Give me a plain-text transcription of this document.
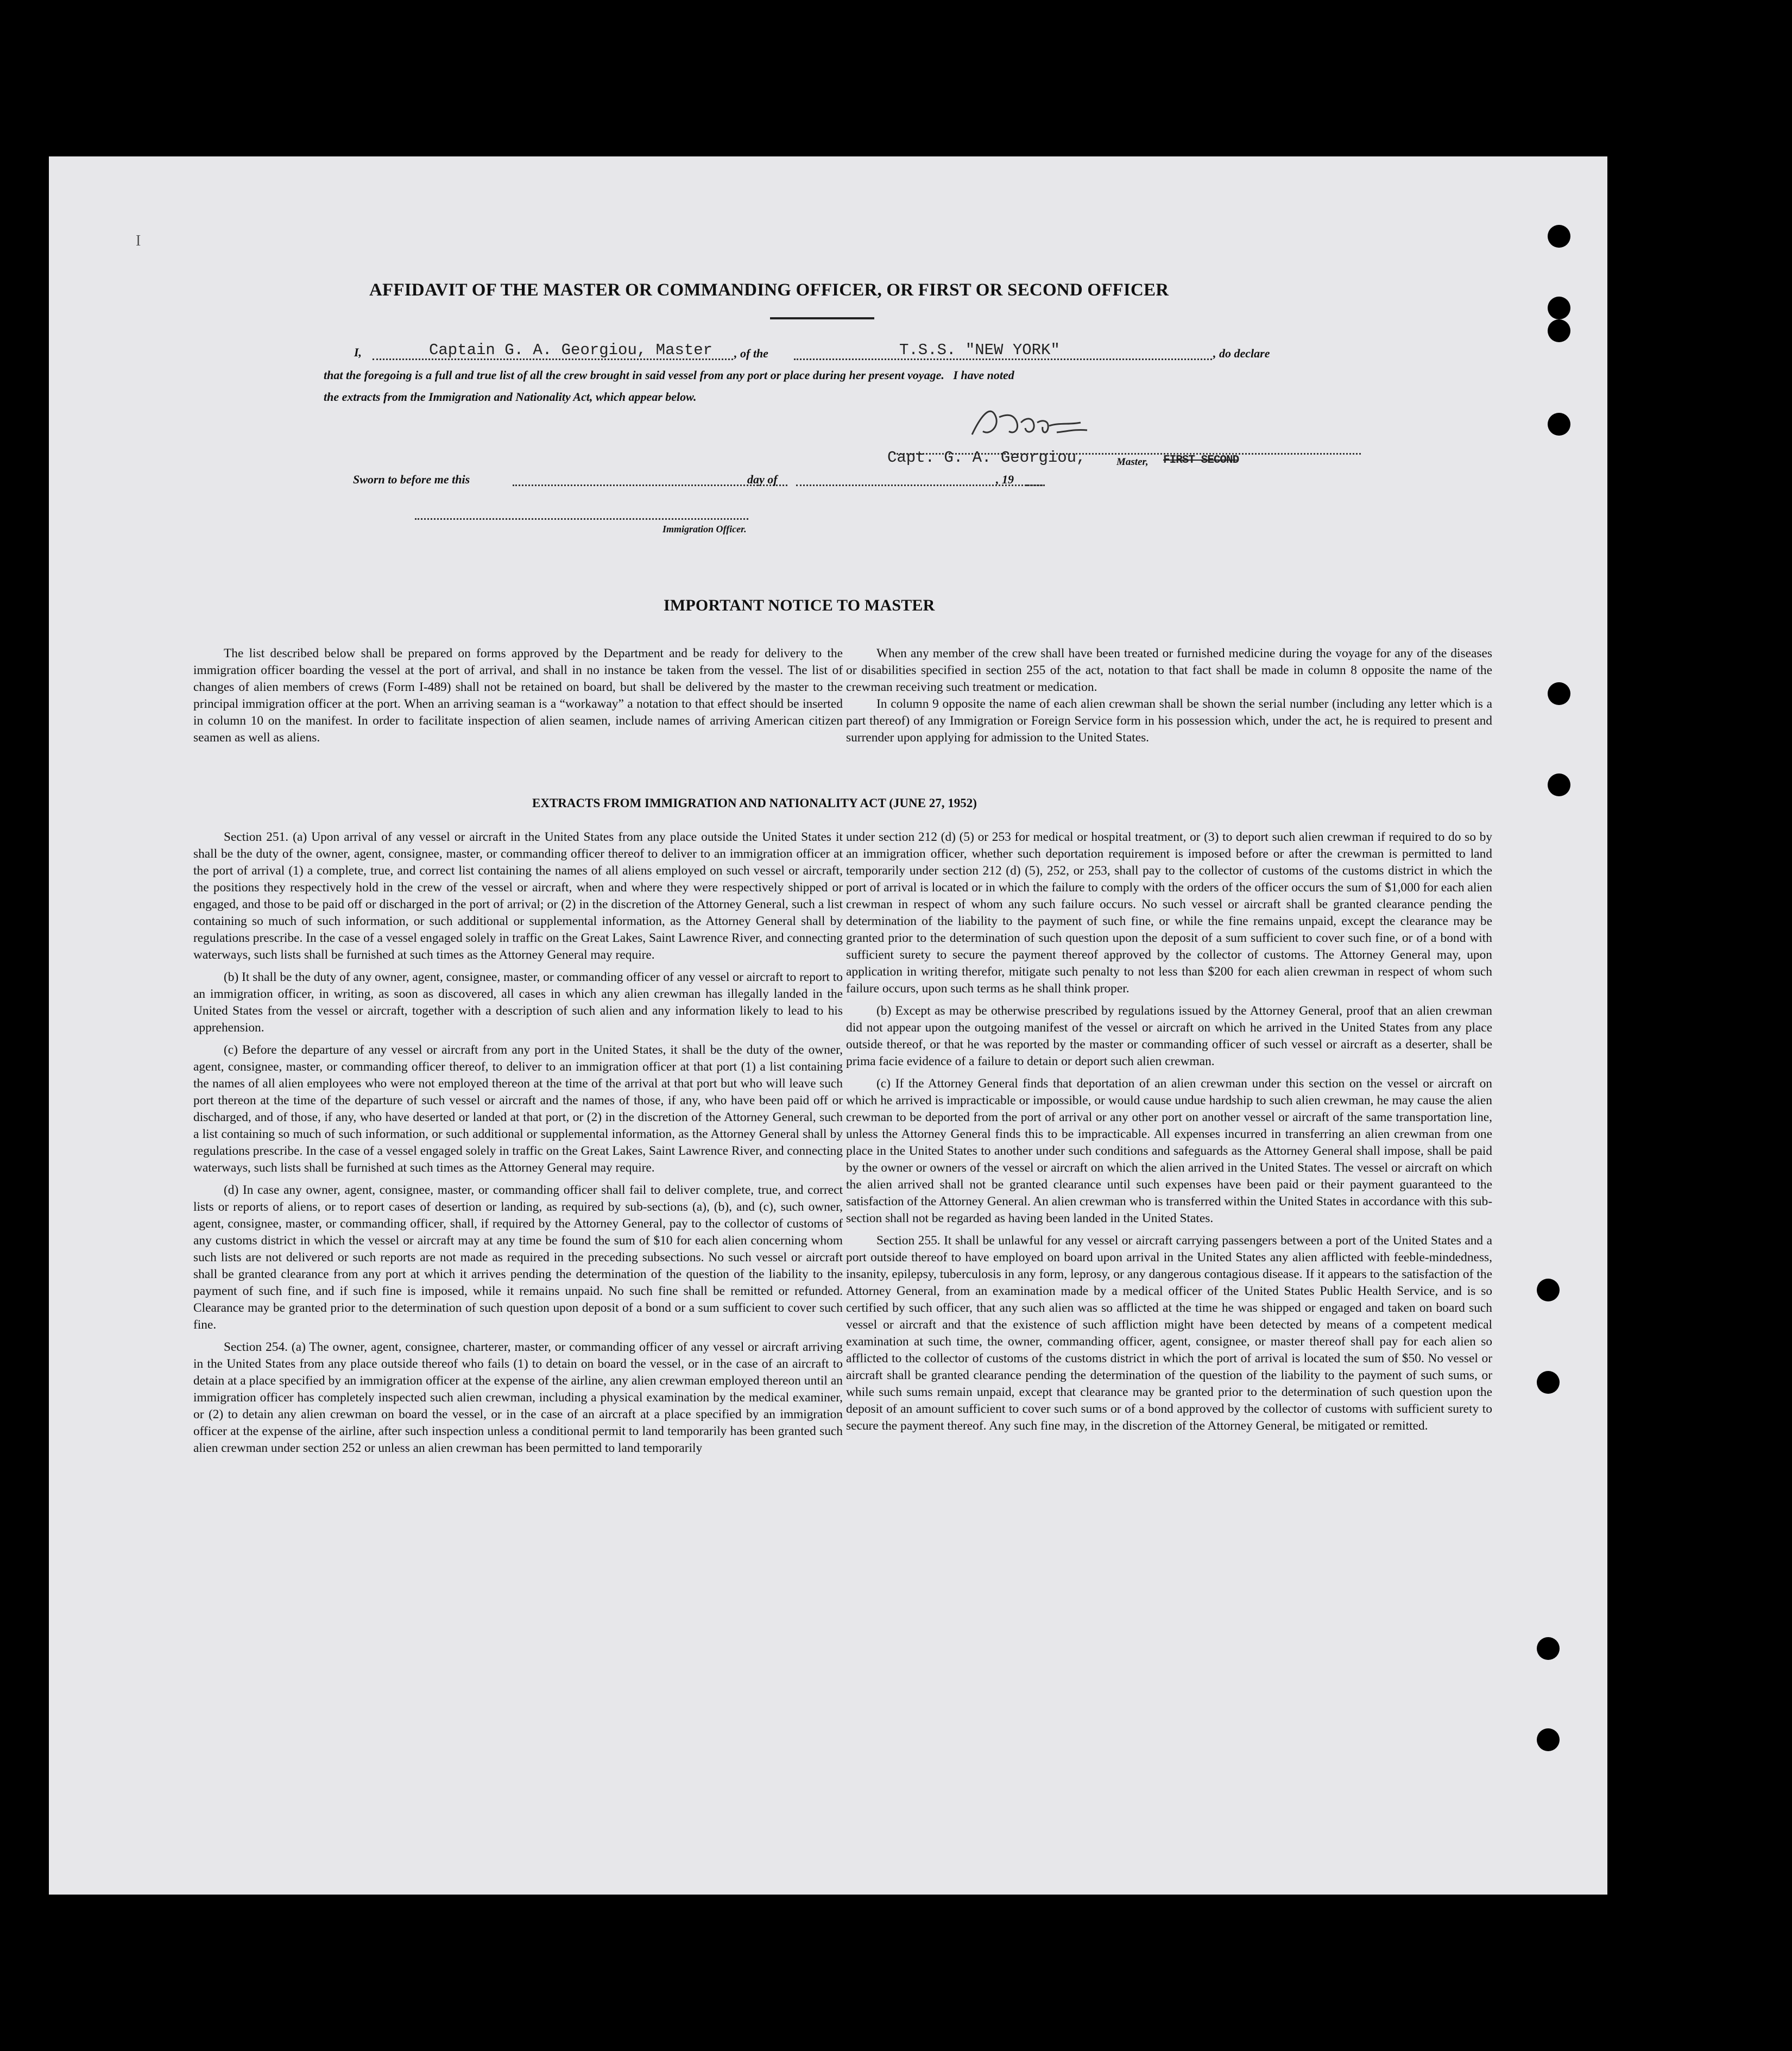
I
AFFIDAVIT OF THE MASTER OR COMMANDING OFFICER, OR FIRST OR SECOND OFFICER
I,	Captain G. A. Georgiou, Master , of the	T.S.S. "NEW YORK"	, do declare
that the foregoing is a full and true list of all the crew brought in said vessel from any port or place during her present voyage.   I have noted
the extracts from the Immigration and Nationality Act, which appear below.
Capt. G. A. Georgiou,	Master, FIRST SECOND
Sworn to before me this	day of	, 19
Immigration Officer.
IMPORTANT NOTICE TO MASTER

The list described below shall be prepared on forms approved by the Department and be ready for delivery to the immigration officer boarding the vessel at the port of arrival, and shall in no instance be taken from the vessel. The list of changes of alien members of crews (Form I-489) shall not be retained on board, but shall be delivered by the master to the principal immigration officer at the port. When an arriving seaman is a “workaway” a notation to that effect should be inserted in column 10 on the manifest. In order to facilitate inspection of alien seamen, include names of arriving American citizen seamen as well as aliens.

When any member of the crew shall have been treated or furnished medicine during the voyage for any of the diseases or disabilities specified in section 255 of the act, notation to that fact shall be made in column 8 opposite the name of the crewman receiving such treatment or medication.

In column 9 opposite the name of each alien crewman shall be shown the serial number (including any letter which is a part thereof) of any Immigration or Foreign Service form in his possession which, under the act, he is required to present and surrender upon applying for admission to the United States.

EXTRACTS FROM IMMIGRATION AND NATIONALITY ACT (JUNE 27, 1952)

Section 251. (a) Upon arrival of any vessel or aircraft in the United States from any place outside the United States it shall be the duty of the owner, agent, consignee, master, or commanding officer thereof to deliver to an immigration officer at the port of arrival (1) a complete, true, and correct list containing the names of all aliens employed on such vessel or aircraft, the positions they respectively hold in the crew of the vessel or aircraft, when and where they were respectively shipped or engaged, and those to be paid off or discharged in the port of arrival; or (2) in the discretion of the Attorney General, such a list containing so much of such information, or such additional or supplemental information, as the Attorney General shall by regulations prescribe. In the case of a vessel engaged solely in traffic on the Great Lakes, Saint Lawrence River, and connecting waterways, such lists shall be furnished at such times as the Attorney General may require.

(b) It shall be the duty of any owner, agent, consignee, master, or commanding officer of any vessel or aircraft to report to an immigration officer, in writing, as soon as discovered, all cases in which any alien crewman has illegally landed in the United States from the vessel or aircraft, together with a description of such alien and any information likely to lead to his apprehension.

(c) Before the departure of any vessel or aircraft from any port in the United States, it shall be the duty of the owner, agent, consignee, master, or commanding officer thereof, to deliver to an immigration officer at that port (1) a list containing the names of all alien employees who were not employed thereon at the time of the arrival at that port but who will leave such port thereon at the time of the departure of such vessel or aircraft and the names of those, if any, who have been paid off or discharged, and of those, if any, who have deserted or landed at that port, or (2) in the discretion of the Attorney General, such a list containing so much of such information, or such additional or supplemental information, as the Attorney General shall by regulations prescribe. In the case of a vessel engaged solely in traffic on the Great Lakes, Saint Lawrence River, and connecting waterways, such lists shall be furnished at such times as the Attorney General may require.

(d) In case any owner, agent, consignee, master, or commanding officer shall fail to deliver complete, true, and correct lists or reports of aliens, or to report cases of desertion or landing, as required by sub-sections (a), (b), and (c), such owner, agent, consignee, master, or commanding officer, shall, if required by the Attorney General, pay to the collector of customs of any customs district in which the vessel or aircraft may at any time be found the sum of $10 for each alien concerning whom such lists are not delivered or such reports are not made as required in the preceding subsections. No such vessel or aircraft shall be granted clearance from any port at which it arrives pending the determination of the question of the liability to the payment of such fine, and if such fine is imposed, while it remains unpaid. No such fine shall be remitted or refunded. Clearance may be granted prior to the determination of such question upon deposit of a bond or a sum sufficient to cover such fine.

Section 254. (a) The owner, agent, consignee, charterer, master, or commanding officer of any vessel or aircraft arriving in the United States from any place outside thereof who fails (1) to detain on board the vessel, or in the case of an aircraft to detain at a place specified by an immigration officer at the expense of the airline, any alien crewman employed thereon until an immigration officer has completely inspected such alien crewman, including a physical examination by the medical examiner, or (2) to detain any alien crewman on board the vessel, or in the case of an aircraft at a place specified by an immigration officer at the expense of the airline, after such inspection unless a conditional permit to land temporarily has been granted such alien crewman under section 252 or unless an alien crewman has been permitted to land temporarily

under section 212 (d) (5) or 253 for medical or hospital treatment, or (3) to deport such alien crewman if required to do so by an immigration officer, whether such deportation requirement is imposed before or after the crewman is permitted to land temporarily under section 212 (d) (5), 252, or 253, shall pay to the collector of customs of the customs district in which the port of arrival is located or in which the failure to comply with the orders of the officer occurs the sum of $1,000 for each alien crewman in respect of whom any such failure occurs. No such vessel or aircraft shall be granted clearance pending the determination of the liability to the payment of such fine, or while the fine remains unpaid, except the clearance may be granted prior to the determination of such question upon the deposit of a sum sufficient to cover such fine, or of a bond with sufficient surety to secure the payment thereof approved by the collector of customs. The Attorney General may, upon application in writing therefor, mitigate such penalty to not less than $200 for each alien crewman in respect of whom such failure occurs, upon such terms as he shall think proper.

(b) Except as may be otherwise prescribed by regulations issued by the Attorney General, proof that an alien crewman did not appear upon the outgoing manifest of the vessel or aircraft on which he arrived in the United States from any place outside thereof, or that he was reported by the master or commanding officer of such vessel or aircraft as a deserter, shall be prima facie evidence of a failure to detain or deport such alien crewman.

(c) If the Attorney General finds that deportation of an alien crewman under this section on the vessel or aircraft on which he arrived is impracticable or impossible, or would cause undue hardship to such alien crewman, he may cause the alien crewman to be deported from the port of arrival or any other port on another vessel or aircraft of the same transportation line, unless the Attorney General finds this to be impracticable. All expenses incurred in transferring an alien crewman from one place in the United States to another under such conditions and safeguards as the Attorney General shall impose, shall be paid by the owner or owners of the vessel or aircraft on which the alien arrived in the United States. The vessel or aircraft on which the alien arrived shall not be granted clearance until such expenses have been paid or their payment guaranteed to the satisfaction of the Attorney General. An alien crewman who is transferred within the United States in accordance with this sub-section shall not be regarded as having been landed in the United States.

Section 255. It shall be unlawful for any vessel or aircraft carrying passengers between a port of the United States and a port outside thereof to have employed on board upon arrival in the United States any alien afflicted with feeble-mindedness, insanity, epilepsy, tuberculosis in any form, leprosy, or any dangerous contagious disease. If it appears to the satisfaction of the Attorney General, from an examination made by a medical officer of the United States Public Health Service, and is so certified by such officer, that any such alien was so afflicted at the time he was shipped or engaged and taken on board such vessel or aircraft and that the existence of such affliction might have been detected by means of a competent medical examination at such time, the owner, commanding officer, agent, consignee, or master thereof shall pay for each alien so afflicted to the collector of customs of the customs district in which the port of arrival is located the sum of $50. No vessel or aircraft shall be granted clearance pending the determination of the question of the liability to the payment of such sums, or while such sums remain unpaid, except that clearance may be granted prior to the determination of such question upon the deposit of an amount sufficient to cover such sums or of a bond approved by the collector of customs with sufficient surety to secure the payment thereof. Any such fine may, in the discretion of the Attorney General, be mitigated or remitted.
